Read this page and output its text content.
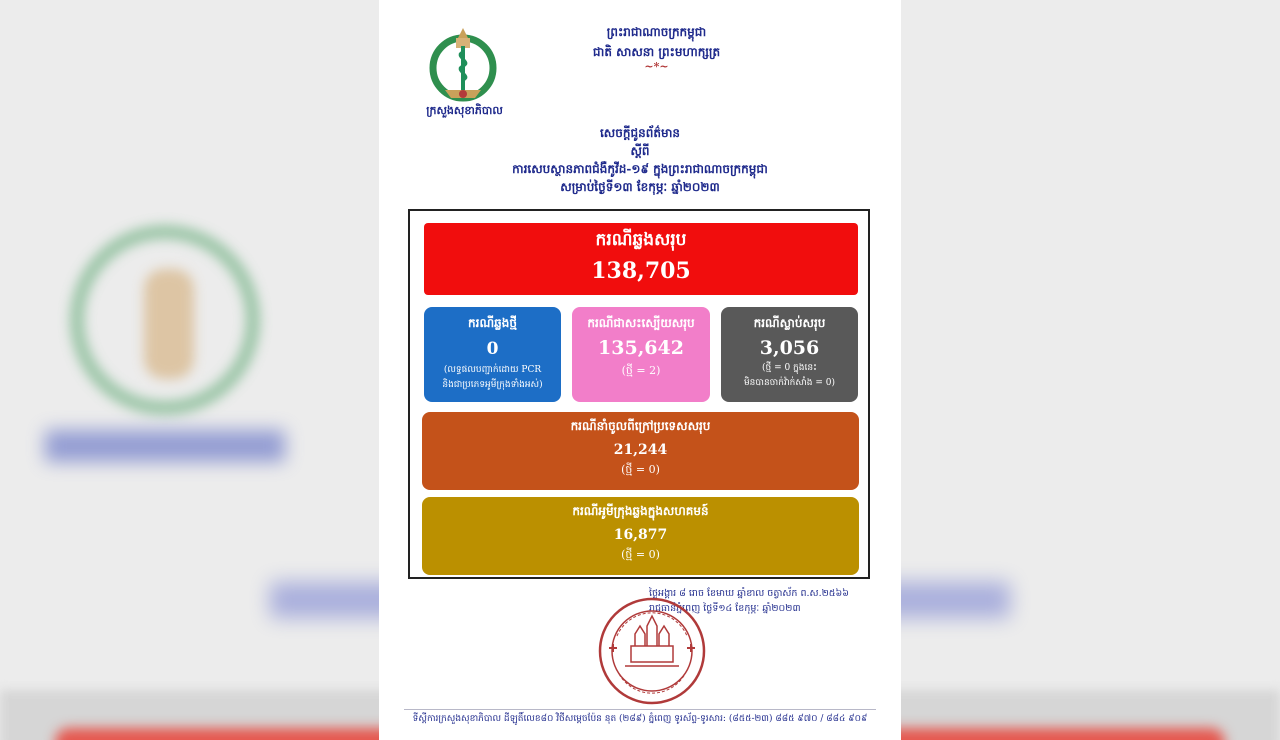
ក្រសួងសុខាភិបាល
ព្រះរាជាណាចក្រកម្ពុជា
ជាតិ សាសនា ព្រះមហាក្សត្រ
~*~
សេចក្តីជូនព័ត៌មាន
ស្តីពី
ការសេបស្ថានភាពជំងឺកូវីដ-១៩ ក្នុងព្រះរាជាណាចក្រកម្ពុជា
សម្រាប់ថ្ងៃទី១៣ ខែកុម្ភៈ ឆ្នាំ២០២៣
ករណីឆ្លងសរុប
138,705
ករណីឆ្លងថ្មី
0
(លទ្ធផលបញ្ជាក់ដោយ PCR
និងជាប្រភេទអូមីក្រុងទាំងអស់)
ករណីជាសះស្បើយសរុប
135,642
(ថ្មី = 2)
ករណីស្លាប់សរុប
3,056
(ថ្មី = 0 ក្នុងនេះ
មិនបានចាក់វ៉ាក់សាំង = 0)
ករណីនាំចូលពីក្រៅប្រទេសសរុប
21,244
(ថ្មី = 0)
ករណីអូមីក្រុងឆ្លងក្នុងសហគមន៍
16,877
(ថ្មី = 0)
ថ្ងៃអង្គារ ៨ រោច ខែមាឃ ឆ្នាំខាល ចត្វាស័ក ព.ស.២៥៦៦
រាជធានីភ្នំពេញ ថ្ងៃទី១៤ ខែកុម្ភៈ ឆ្នាំ២០២៣
ទីស្តីការក្រសួងសុខាភិបាល ដីឡូតិ៍លេខ៨០ វិថីសម្តេចប៉ែន នុត (២៨៩) ភ្នំពេញ ទូរស័ព្ទ-ទូរសារ: (៨៥៥-២៣) ៨៨៥ ៩៧០ / ៨៨៤ ៩០៩
